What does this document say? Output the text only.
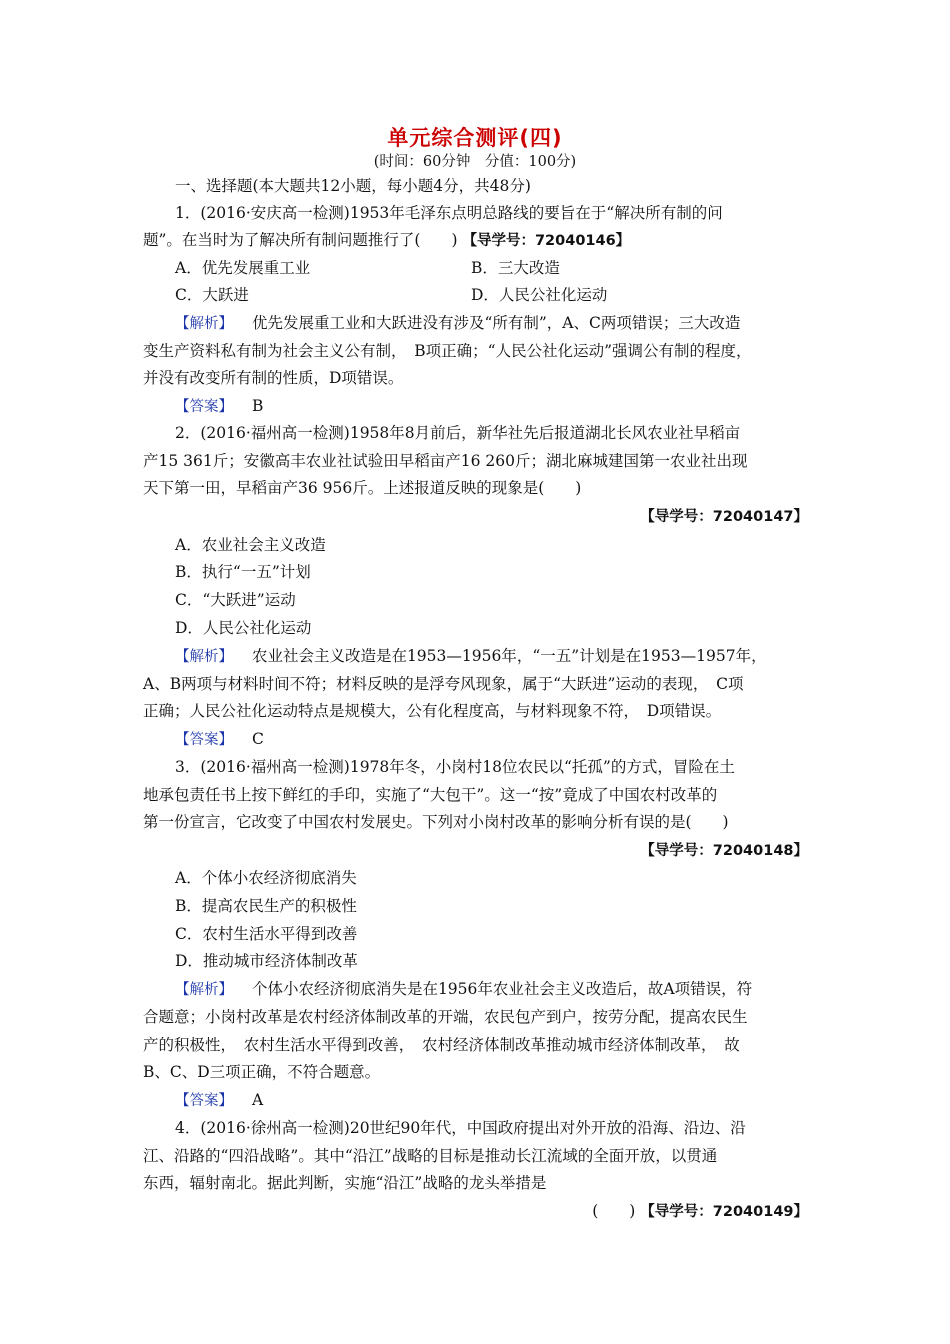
单元综合测评(四)
(时间：60分钟　分值：100分)
一、选择题(本大题共12小题，每小题4分，共48分)
1．(2016·安庆高一检测)1953年毛泽东点明总路线的要旨在于“解决所有制的问
题”。在当时为了解决所有制问题推行了(　　) 【导学号：72040146】
A．优先发展重工业	B．三大改造
C．大跃进	D．人民公社化运动
【解析】 优先发展重工业和大跃进没有涉及“所有制”，A、C两项错误；三大改造
变生产资料私有制为社会主义公有制，　B项正确；“人民公社化运动”强调公有制的程度，
并没有改变所有制的性质，D项错误。
【答案】 B
2．(2016·福州高一检测)1958年8月前后，新华社先后报道湖北长风农业社早稻亩
产15 361斤；安徽高丰农业社试验田早稻亩产16 260斤；湖北麻城建国第一农业社出现
天下第一田，早稻亩产36 956斤。上述报道反映的现象是(　　)
【导学号：72040147】
A．农业社会主义改造
B．执行“一五”计划
C．“大跃进”运动
D．人民公社化运动
【解析】 农业社会主义改造是在1953—1956年，“一五”计划是在1953—1957年，
A、B两项与材料时间不符；材料反映的是浮夸风现象，属于“大跃进”运动的表现，　C项
正确；人民公社化运动特点是规模大，公有化程度高，与材料现象不符，　D项错误。
【答案】 C
3．(2016·福州高一检测)1978年冬，小岗村18位农民以“托孤”的方式，冒险在土
地承包责任书上按下鲜红的手印，实施了“大包干”。这一“按”竟成了中国农村改革的
第一份宣言，它改变了中国农村发展史。下列对小岗村改革的影响分析有误的是(　　)
【导学号：72040148】
A．个体小农经济彻底消失
B．提高农民生产的积极性
C．农村生活水平得到改善
D．推动城市经济体制改革
【解析】 个体小农经济彻底消失是在1956年农业社会主义改造后，故A项错误，符
合题意；小岗村改革是农村经济体制改革的开端，农民包产到户，按劳分配，提高农民生
产的积极性，　农村生活水平得到改善，　农村经济体制改革推动城市经济体制改革，　故
B、C、D三项正确，不符合题意。
【答案】 A
4．(2016·徐州高一检测)20世纪90年代，中国政府提出对外开放的沿海、沿边、沿
江、沿路的“四沿战略”。其中“沿江”战略的目标是推动长江流域的全面开放，以贯通
东西，辐射南北。据此判断，实施“沿江”战略的龙头举措是
(　　) 【导学号：72040149】
